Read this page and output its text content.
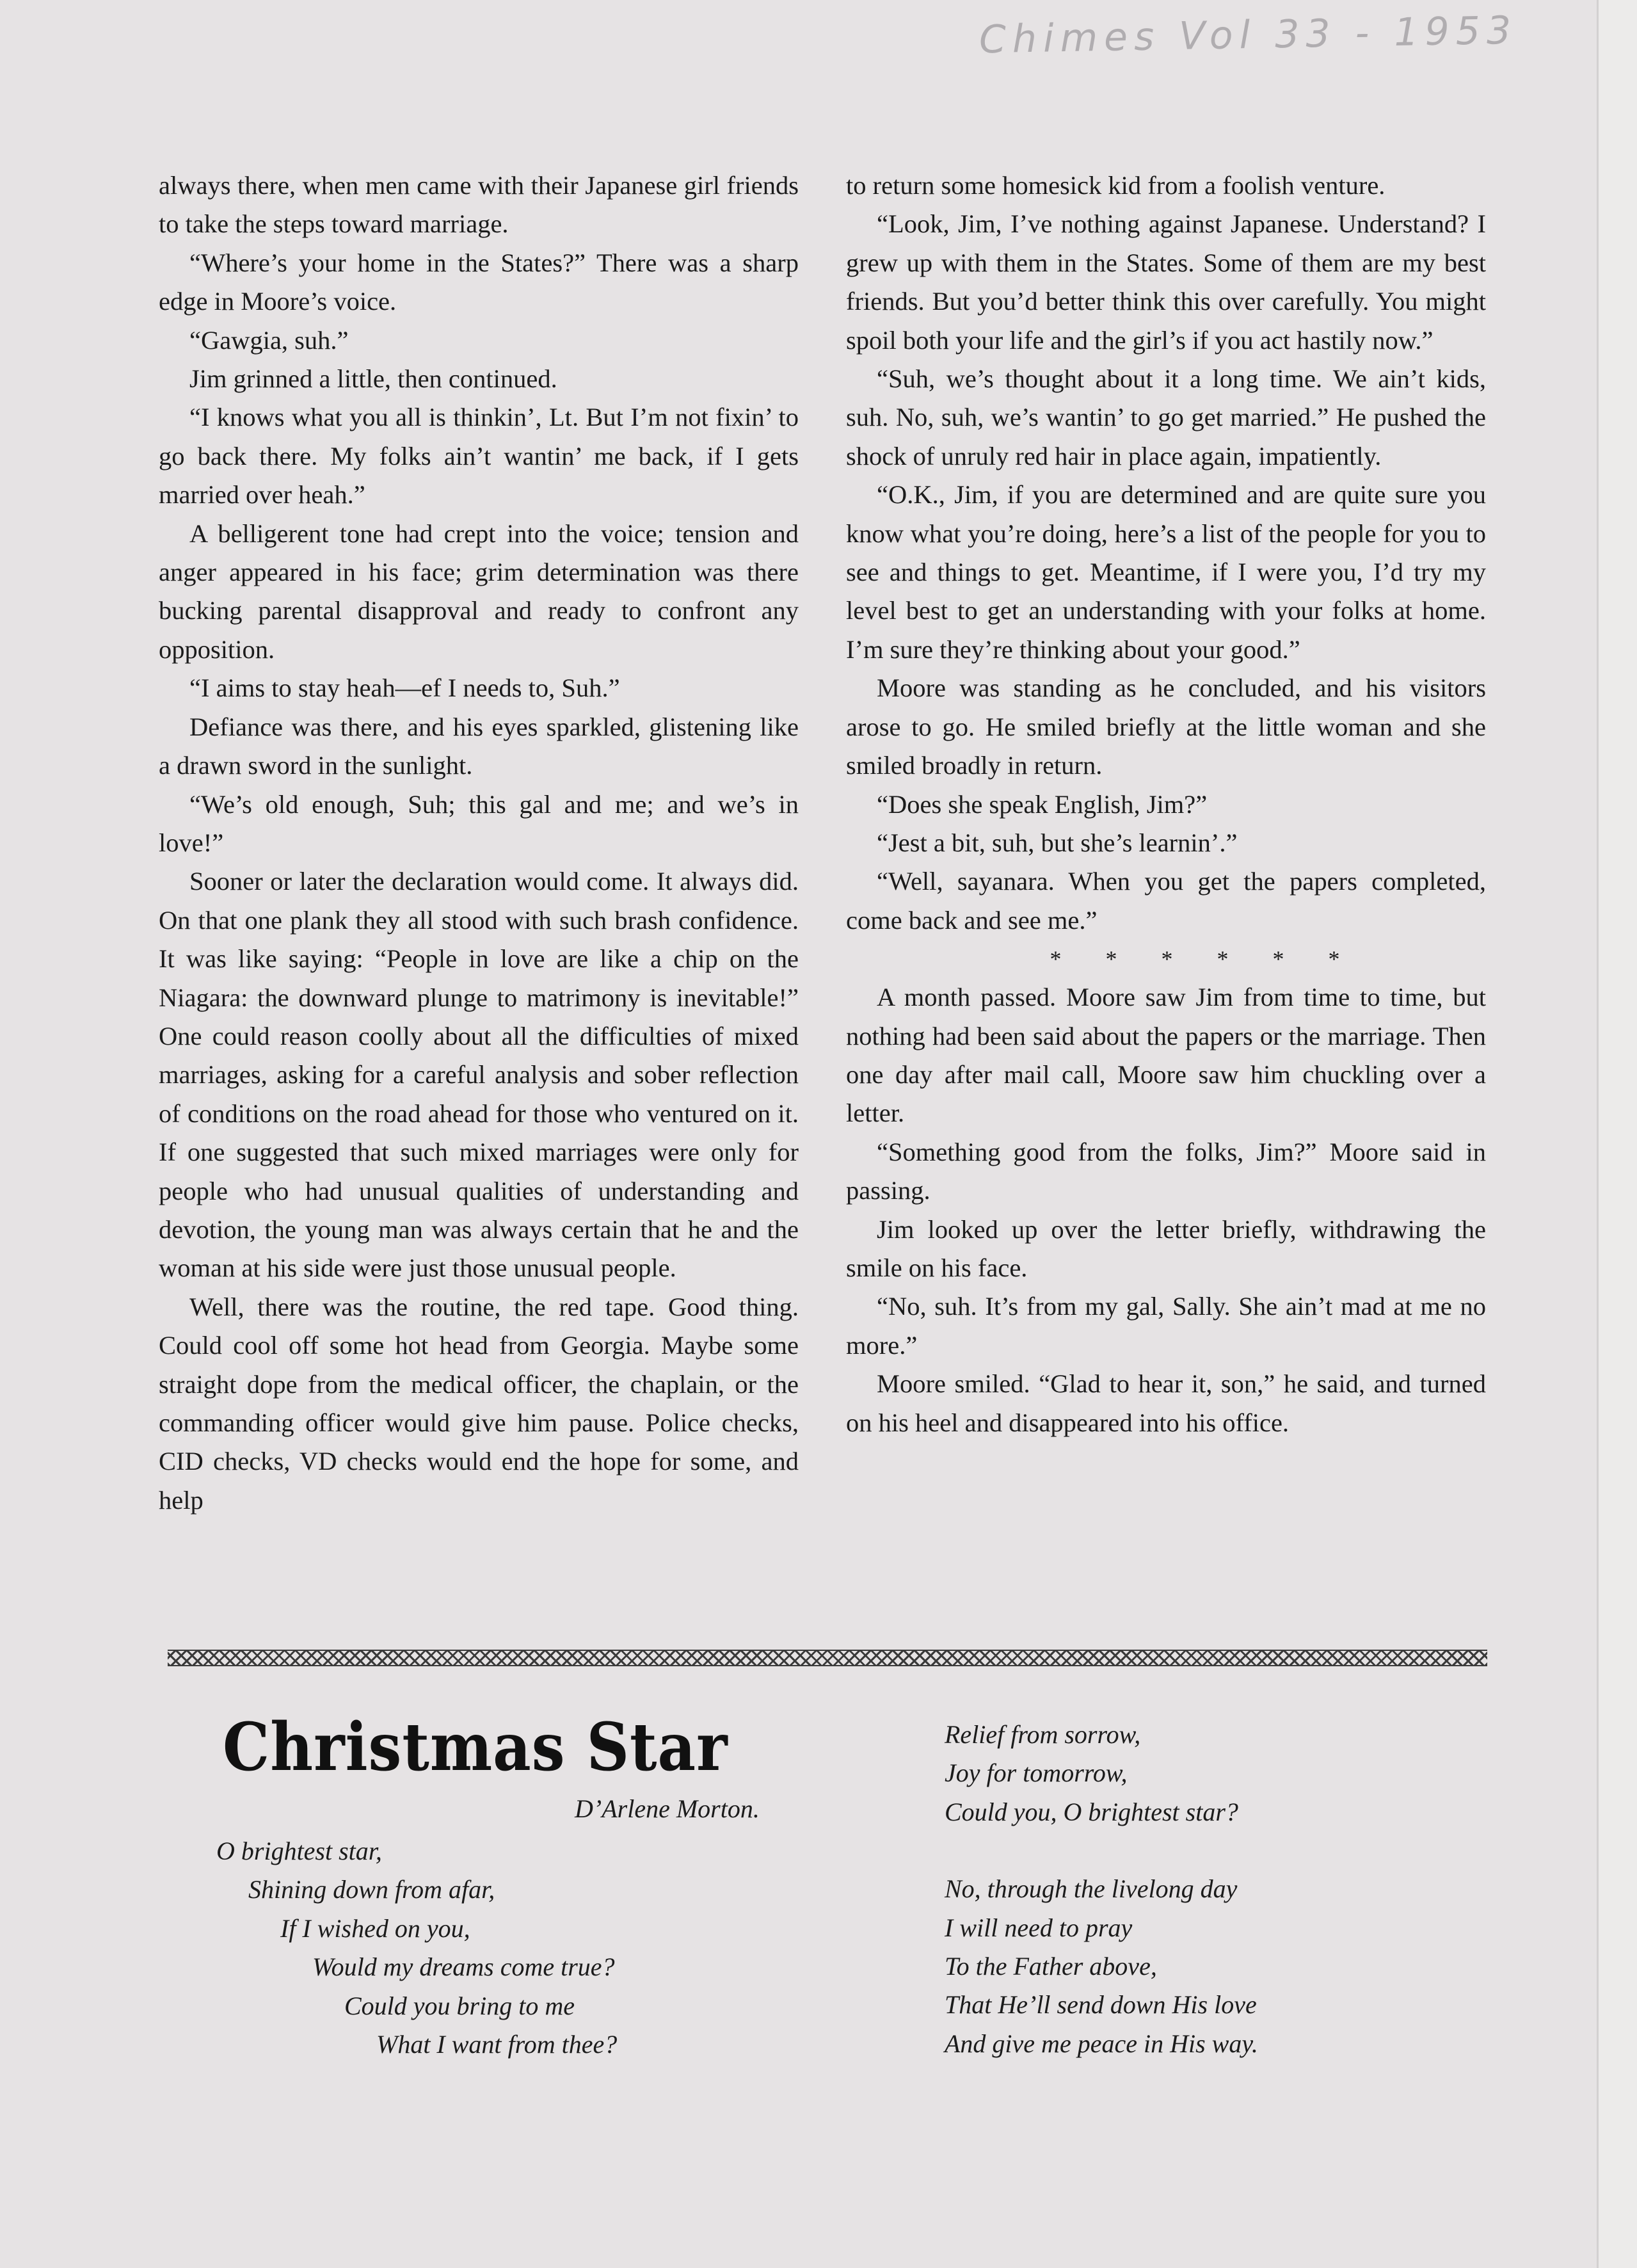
Chimes Vol 33 - 1953

always there, when men came with their Japanese girl friends to take the steps toward marriage.

“Where’s your home in the States?” There was a sharp edge in Moore’s voice.

“Gawgia, suh.”

Jim grinned a little, then continued.

“I knows what you all is thinkin’, Lt. But I’m not fixin’ to go back there. My folks ain’t wantin’ me back, if I gets married over heah.”

A belligerent tone had crept into the voice; tension and anger appeared in his face; grim determination was there bucking parental disapproval and ready to confront any opposition.

“I aims to stay heah—ef I needs to, Suh.”

Defiance was there, and his eyes sparkled, glistening like a drawn sword in the sunlight.

“We’s old enough, Suh; this gal and me; and we’s in love!”

Sooner or later the declaration would come. It always did. On that one plank they all stood with such brash confidence. It was like saying: “People in love are like a chip on the Niagara: the downward plunge to matrimony is inevitable!” One could reason coolly about all the difficulties of mixed marriages, asking for a careful analysis and sober reflection of conditions on the road ahead for those who ventured on it. If one suggested that such mixed marriages were only for people who had unusual qualities of understanding and devotion, the young man was always certain that he and the woman at his side were just those unusual people.

Well, there was the routine, the red tape. Good thing. Could cool off some hot head from Georgia. Maybe some straight dope from the medical officer, the chaplain, or the commanding officer would give him pause. Police checks, CID checks, VD checks would end the hope for some, and help

to return some homesick kid from a foolish venture.

“Look, Jim, I’ve nothing against Japanese. Understand? I grew up with them in the States. Some of them are my best friends. But you’d better think this over carefully. You might spoil both your life and the girl’s if you act hastily now.”

“Suh, we’s thought about it a long time. We ain’t kids, suh. No, suh, we’s wantin’ to go get married.” He pushed the shock of unruly red hair in place again, impatiently.

“O.K., Jim, if you are determined and are quite sure you know what you’re doing, here’s a list of the people for you to see and things to get. Meantime, if I were you, I’d try my level best to get an understanding with your folks at home. I’m sure they’re thinking about your good.”

Moore was standing as he concluded, and his visitors arose to go. He smiled briefly at the little woman and she smiled broadly in return.

“Does she speak English, Jim?”

“Jest a bit, suh, but she’s learnin’.”

“Well, sayanara. When you get the papers completed, come back and see me.”

* * * * * *

A month passed. Moore saw Jim from time to time, but nothing had been said about the papers or the marriage. Then one day after mail call, Moore saw him chuckling over a letter.

“Something good from the folks, Jim?” Moore said in passing.

Jim looked up over the letter briefly, withdrawing the smile on his face.

“No, suh. It’s from my gal, Sally. She ain’t mad at me no more.”

Moore smiled. “Glad to hear it, son,” he said, and turned on his heel and disappeared into his office.

Christmas Star
D’Arlene Morton.
O brightest star,
Shining down from afar,
If I wished on you,
Would my dreams come true?
Could you bring to me
What I want from thee?
Relief from sorrow,
Joy for tomorrow,
Could you, O brightest star?
No, through the livelong day
I will need to pray
To the Father above,
That He’ll send down His love
And give me peace in His way.
